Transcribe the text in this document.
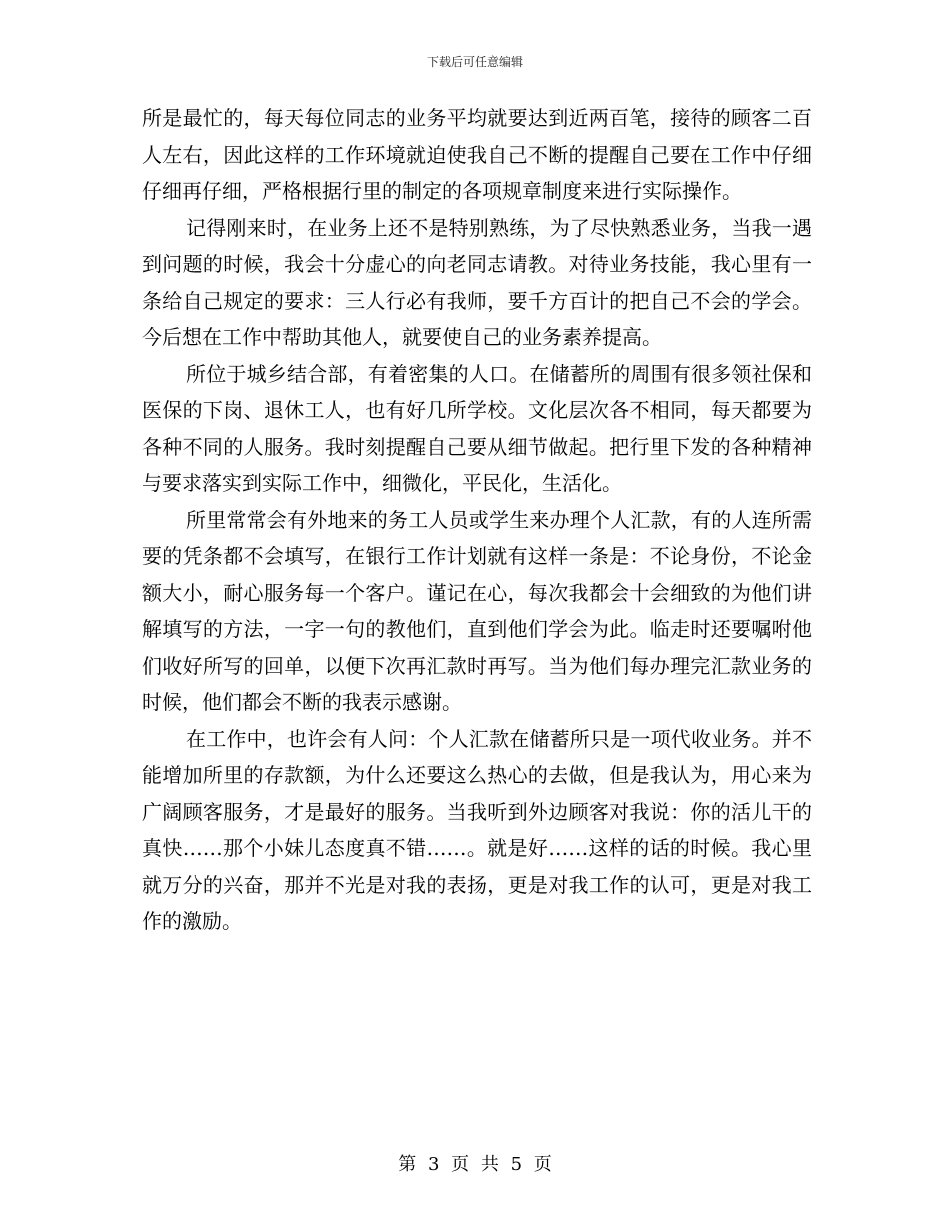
下载后可任意编辑

所是最忙的，每天每位同志的业务平均就要达到近两百笔，接待的顾客二百人左右，因此这样的工作环境就迫使我自己不断的提醒自己要在工作中仔细仔细再仔细，严格根据行里的制定的各项规章制度来进行实际操作。

记得刚来时，在业务上还不是特别熟练，为了尽快熟悉业务，当我一遇到问题的时候，我会十分虚心的向老同志请教。对待业务技能，我心里有一条给自己规定的要求：三人行必有我师，要千方百计的把自己不会的学会。今后想在工作中帮助其他人，就要使自己的业务素养提高。

所位于城乡结合部，有着密集的人口。在储蓄所的周围有很多领社保和医保的下岗、退休工人，也有好几所学校。文化层次各不相同，每天都要为各种不同的人服务。我时刻提醒自己要从细节做起。把行里下发的各种精神与要求落实到实际工作中，细微化，平民化，生活化。

所里常常会有外地来的务工人员或学生来办理个人汇款，有的人连所需要的凭条都不会填写，在银行工作计划就有这样一条是：不论身份，不论金额大小，耐心服务每一个客户。谨记在心，每次我都会十会细致的为他们讲解填写的方法，一字一句的教他们，直到他们学会为此。临走时还要嘱咐他们收好所写的回单，以便下次再汇款时再写。当为他们每办理完汇款业务的时候，他们都会不断的我表示感谢。

在工作中，也许会有人问：个人汇款在储蓄所只是一项代收业务。并不能增加所里的存款额，为什么还要这么热心的去做，但是我认为，用心来为广阔顾客服务，才是最好的服务。当我听到外边顾客对我说：你的活儿干的真快……那个小妹儿态度真不错……。就是好……这样的话的时候。我心里就万分的兴奋，那并不光是对我的表扬，更是对我工作的认可，更是对我工作的激励。

第 3 页 共 5 页
